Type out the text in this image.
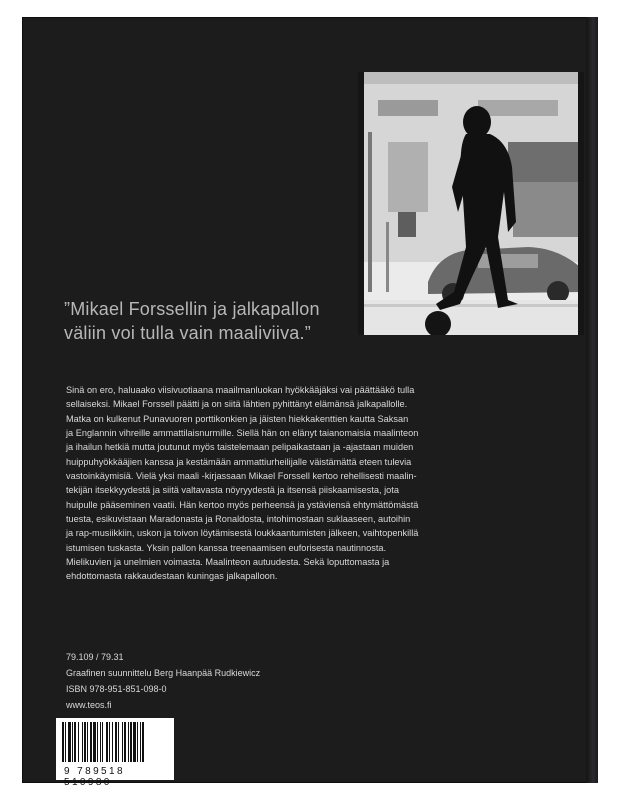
”Mikael Forssellin ja jalkapallon
väliin voi tulla vain maaliviiva.”
Sinä on ero, haluaako viisivuotiaana maailmanluokan hyökkääjäksi vai päättääkö tulla
sellaiseksi. Mikael Forssell päätti ja on siitä lähtien pyhittänyt elämänsä jalkapallolle.
Matka on kulkenut Punavuoren porttikonkien ja jäisten hiekkakenttien kautta Saksan
ja Englannin vihreille ammattilaisnurmille. Siellä hän on elänyt taianomaisia maalinteon
ja ihailun hetkiä mutta joutunut myös taistelemaan pelipaikastaan ja -ajastaan muiden
huippuhyökkääjien kanssa ja kestämään ammattiurheilijalle väistämättä eteen tulevia
vastoinkäymisiä. Vielä yksi maali -kirjassaan Mikael Forssell kertoo rehellisesti maalin-
tekijän itsekkyydestä ja siitä valtavasta nöyryydestä ja itsensä piiskaamisesta, jota
huipulle pääseminen vaatii. Hän kertoo myös perheensä ja ystäviensä ehtymättömästä
tuesta, esikuvistaan Maradonasta ja Ronaldosta, intohimostaan suklaaseen, autoihin
ja rap-musiikkiin, uskon ja toivon löytämisestä loukkaantumisten jälkeen, vaihtopenkillä
istumisen tuskasta. Yksin pallon kanssa treenaamisen euforisesta nautinnosta.
Mielikuvien ja unelmien voimasta. Maalinteon autuudesta. Sekä loputtomasta ja
ehdottomasta rakkaudestaan kuningas jalkapalloon.
79.109 / 79.31
Graafinen suunnittelu Berg Haanpää Rudkiewicz
ISBN 978-951-851-098-0
www.teos.fi
9 789518 510980
